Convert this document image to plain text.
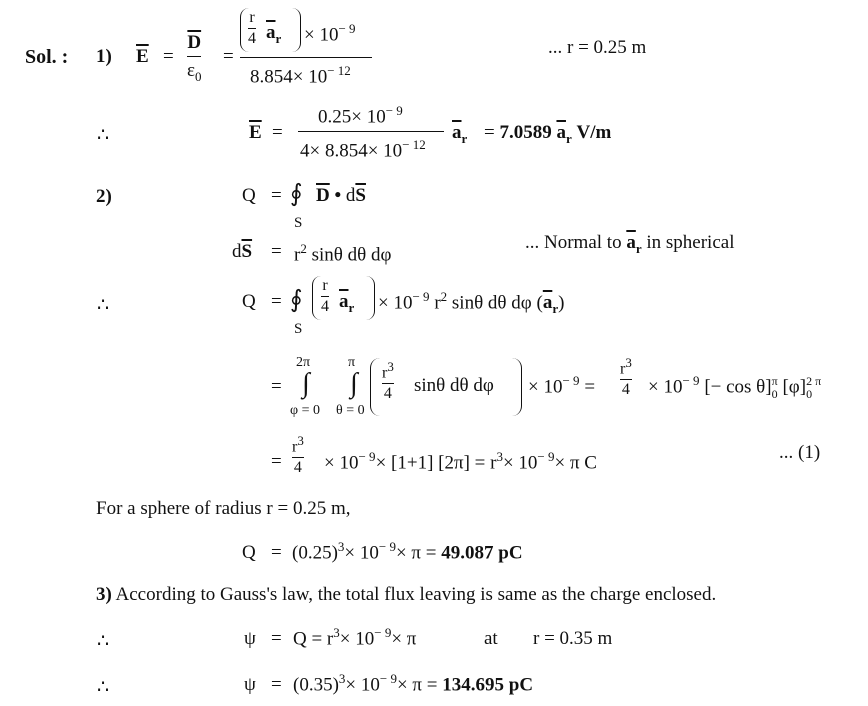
Sol. : 1) $\overline{E}$ =
$\overline{D}$
$\varepsilon_0$
=
r
4 $\overline{a}_r \times 10^{- 9}$
$8.854\times 10^{- 12}$
... r = 0.25 m
∴	$\overline{E}$ =
$0.25\times 10^{- 9}$
$4\times 8.854\times 10^{- 12}$
$\overline{a}_r = 7.0589$ $\overline{a}_r$ V/m
2)	Q = ∮
S
$\overline{D}$ • $d\overline{S}$
$d\overline{S} = r^2$ sinθ dθ dφ
... Normal to $\overline{a}_r$ in spherical
∴	Q = ∮
S
r
4 $\overline{a}_r \times 10^{- 9}$ $r^2$ sinθ dθ dφ $(\overline{a}_r)$
=
2π
∫
φ = 0
π
∫
θ = 0
$r^3$
4 sinθ dθ $d\varphi \times 10^{- 9}$ =
$r^3$
$4 \times 10^{- 9}$ [− cos θ] π
0 [φ] 2 π
0
=
$r^3$
$4 \times 10^{- 9}\times [1+1] [2\pi] = r^3\times 10^{- 9}\times \pi$ C	... (1)
For a sphere of radius r = 0.25 m,
$Q = (0.25)^3\times 10^{- 9}\times \pi = 49.087$ pC
3) According to Gauss's law, the total flux leaving is same as the charge enclosed.
∴	$\psi = Q = r^3\times 10^{- 9}\times \pi$	at r = 0.35 m
∴	$\psi = (0.35)^3\times 10^{- 9}\times \pi = 134.695$ pC
